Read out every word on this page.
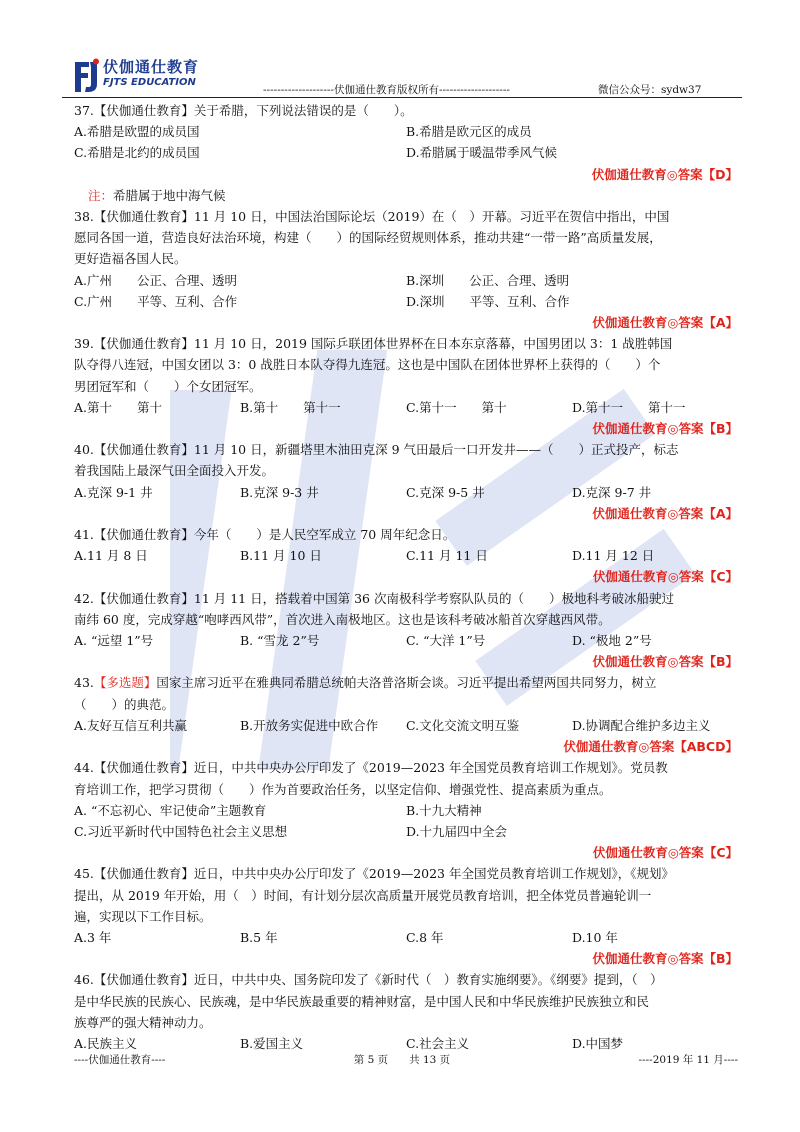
伏伽通仕教育
FJTS EDUCATION
--------------------伏伽通仕教育版权所有--------------------	微信公众号：sydw37
37.【伏伽通仕教育】关于希腊，下列说法错误的是（　　）。
A.希腊是欧盟的成员国	B.希腊是欧元区的成员
C.希腊是北约的成员国	D.希腊属于暖温带季风气候
伏伽通仕教育◎答案【D】
注：希腊属于地中海气候
38.【伏伽通仕教育】11 月 10 日，中国法治国际论坛（2019）在（　）开幕。习近平在贺信中指出，中国
愿同各国一道，营造良好法治环境，构建（　　）的国际经贸规则体系，推动共建“一带一路”高质量发展，
更好造福各国人民。
A.广州　　公正、合理、透明	B.深圳　　公正、合理、透明
C.广州　　平等、互利、合作	D.深圳　　平等、互利、合作
伏伽通仕教育◎答案【A】
39.【伏伽通仕教育】11 月 10 日，2019 国际乒联团体世界杯在日本东京落幕，中国男团以 3：1 战胜韩国
队夺得八连冠，中国女团以 3：0 战胜日本队夺得九连冠。这也是中国队在团体世界杯上获得的（　　）个
男团冠军和（　　）个女团冠军。
A.第十　　第十	B.第十　　第十一	C.第十一　　第十	D.第十一　　第十一
伏伽通仕教育◎答案【B】
40.【伏伽通仕教育】11 月 10 日，新疆塔里木油田克深 9 气田最后一口开发井——（　　）正式投产，标志
着我国陆上最深气田全面投入开发。
A.克深 9-1 井	B.克深 9-3 井	C.克深 9-5 井	D.克深 9-7 井
伏伽通仕教育◎答案【A】
41.【伏伽通仕教育】今年（　　）是人民空军成立 70 周年纪念日。
A.11 月 8 日	B.11 月 10 日	C.11 月 11 日	D.11 月 12 日
伏伽通仕教育◎答案【C】
42.【伏伽通仕教育】11 月 11 日，搭载着中国第 36 次南极科学考察队队员的（　　）极地科考破冰船驶过
南纬 60 度，完成穿越“咆哮西风带”，首次进入南极地区。这也是该科考破冰船首次穿越西风带。
A. “远望 1”号	B. “雪龙 2”号	C. “大洋 1”号	D. “极地 2”号
伏伽通仕教育◎答案【B】
43.【多选题】国家主席习近平在雅典同希腊总统帕夫洛普洛斯会谈。习近平提出希望两国共同努力，树立
（　　）的典范。
A.友好互信互利共赢	B.开放务实促进中欧合作	C.文化交流文明互鉴	D.协调配合维护多边主义
伏伽通仕教育◎答案【ABCD】
44.【伏伽通仕教育】近日，中共中央办公厅印发了《2019—2023 年全国党员教育培训工作规划》。党员教
育培训工作，把学习贯彻（　　）作为首要政治任务，以坚定信仰、增强党性、提高素质为重点。
A. “不忘初心、牢记使命”主题教育	B.十九大精神
C.习近平新时代中国特色社会主义思想	D.十九届四中全会
伏伽通仕教育◎答案【C】
45.【伏伽通仕教育】近日，中共中央办公厅印发了《2019—2023 年全国党员教育培训工作规划》，《规划》
提出，从 2019 年开始，用（　）时间，有计划分层次高质量开展党员教育培训，把全体党员普遍轮训一
遍，实现以下工作目标。
A.3 年	B.5 年	C.8 年	D.10 年
伏伽通仕教育◎答案【B】
46.【伏伽通仕教育】近日，中共中央、国务院印发了《新时代（　）教育实施纲要》。《纲要》提到，（　）
是中华民族的民族心、民族魂，是中华民族最重要的精神财富，是中国人民和中华民族维护民族独立和民
族尊严的强大精神动力。
A.民族主义	B.爱国主义	C.社会主义	D.中国梦
----伏伽通仕教育----	第 5 页　　共 13 页	----2019 年 11 月----
